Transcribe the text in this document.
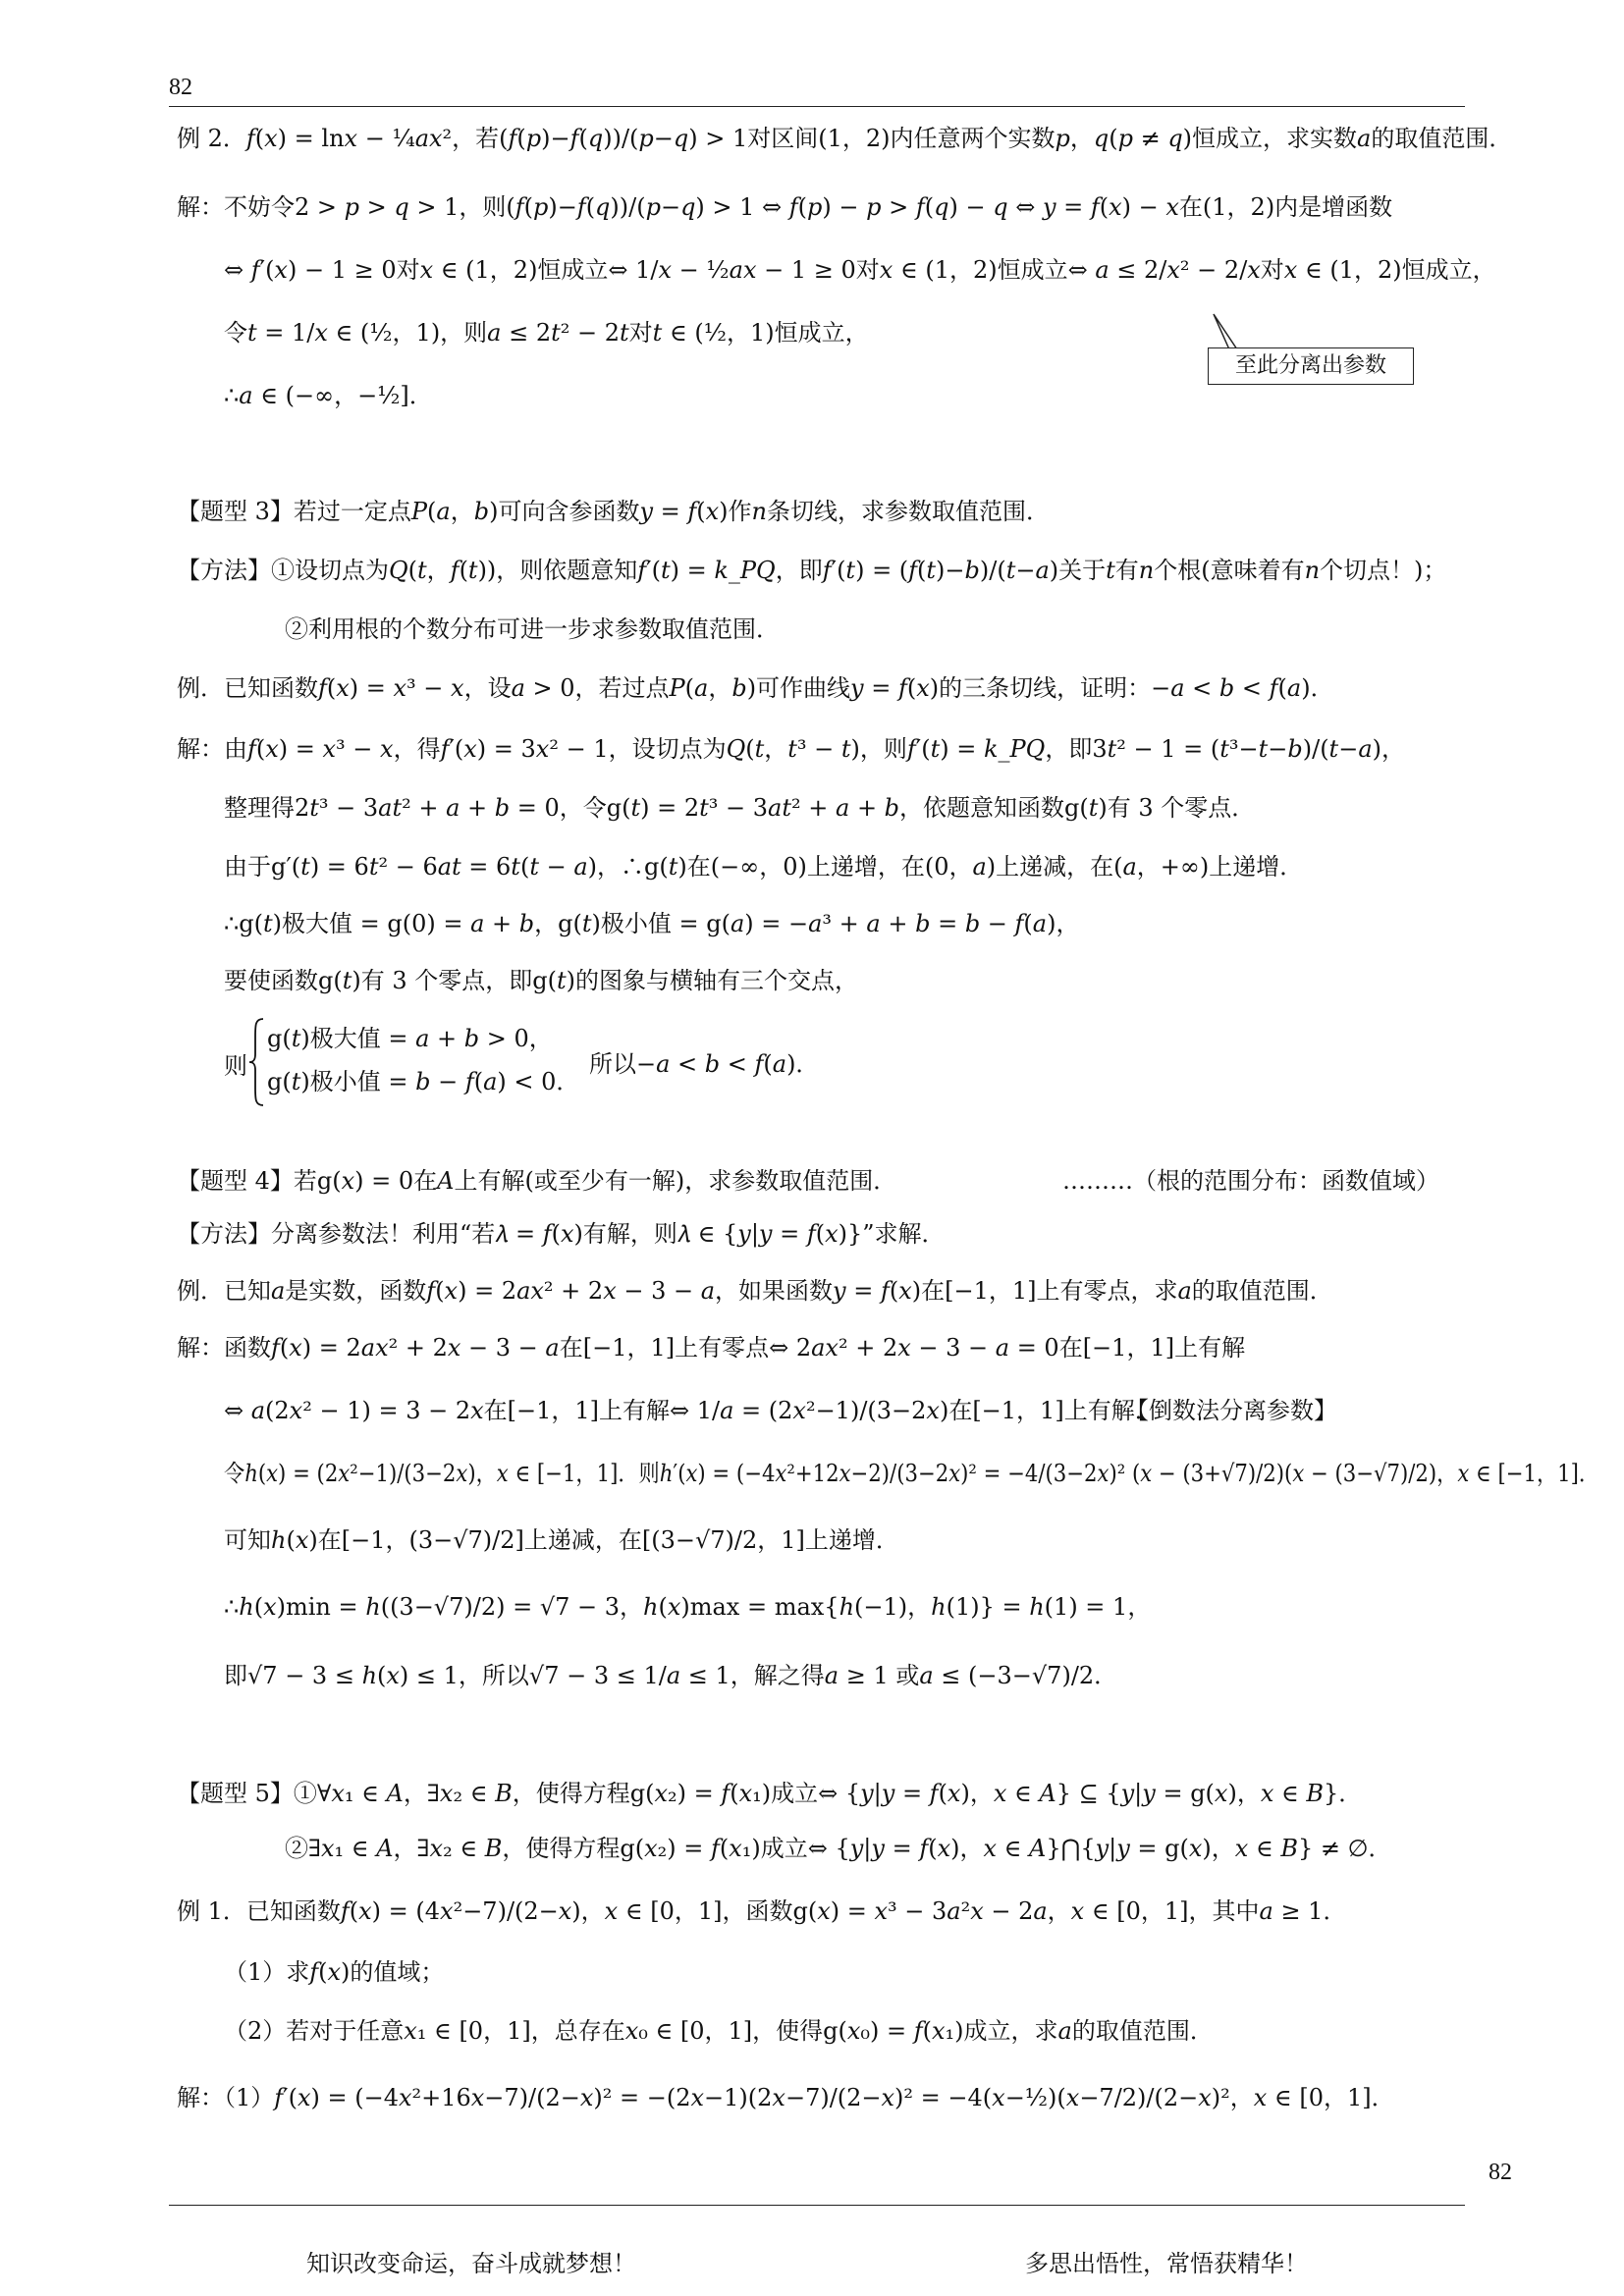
82
例 2．𝑓(𝑥) = ln𝑥 − ¼𝑎𝑥²，若(𝑓(𝑝)−𝑓(𝑞))/(𝑝−𝑞) > 1对区间(1，2)内任意两个实数𝑝，𝑞(𝑝 ≠ 𝑞)恒成立，求实数𝑎的取值范围．
解：不妨令2 > 𝑝 > 𝑞 > 1，则(𝑓(𝑝)−𝑓(𝑞))/(𝑝−𝑞) > 1 ⇔ 𝑓(𝑝) − 𝑝 > 𝑓(𝑞) − 𝑞 ⇔ 𝑦 = 𝑓(𝑥) − 𝑥在(1，2)内是增函数
⇔ 𝑓′(𝑥) − 1 ≥ 0对𝑥 ∈ (1，2)恒成立⇔ 1/𝑥 − ½𝑎𝑥 − 1 ≥ 0对𝑥 ∈ (1，2)恒成立⇔ 𝑎 ≤ 2/𝑥² − 2/𝑥对𝑥 ∈ (1，2)恒成立，
令𝑡 = 1/𝑥 ∈ (½，1)，则𝑎 ≤ 2𝑡² − 2𝑡对𝑡 ∈ (½，1)恒成立，
∴𝑎 ∈ (−∞，−½]．
至此分离出参数
【题型 3】若过一定点𝑃(𝑎，𝑏)可向含参函数𝑦 = 𝑓(𝑥)作𝑛条切线，求参数取值范围．
【方法】①设切点为𝑄(𝑡，𝑓(𝑡))，则依题意知𝑓′(𝑡) = 𝑘_𝑃𝑄，即𝑓′(𝑡) = (𝑓(𝑡)−𝑏)/(𝑡−𝑎)关于𝑡有𝑛个根(意味着有𝑛个切点！)；
②利用根的个数分布可进一步求参数取值范围．
例．已知函数𝑓(𝑥) = 𝑥³ − 𝑥，设𝑎 > 0，若过点𝑃(𝑎，𝑏)可作曲线𝑦 = 𝑓(𝑥)的三条切线，证明：−𝑎 < 𝑏 < 𝑓(𝑎)．
解：由𝑓(𝑥) = 𝑥³ − 𝑥，得𝑓′(𝑥) = 3𝑥² − 1，设切点为𝑄(𝑡，𝑡³ − 𝑡)，则𝑓′(𝑡) = 𝑘_𝑃𝑄，即3𝑡² − 1 = (𝑡³−𝑡−𝑏)/(𝑡−𝑎)，
整理得2𝑡³ − 3𝑎𝑡² + 𝑎 + 𝑏 = 0，令g(𝑡) = 2𝑡³ − 3𝑎𝑡² + 𝑎 + 𝑏，依题意知函数g(𝑡)有 3 个零点．
由于g′(𝑡) = 6𝑡² − 6𝑎𝑡 = 6𝑡(𝑡 − 𝑎)，∴g(𝑡)在(−∞，0)上递增，在(0，𝑎)上递减，在(𝑎，+∞)上递增．
∴g(𝑡)极大值 = g(0) = 𝑎 + 𝑏，g(𝑡)极小值 = g(𝑎) = −𝑎³ + 𝑎 + 𝑏 = 𝑏 − 𝑓(𝑎)，
要使函数g(𝑡)有 3 个零点，即g(𝑡)的图象与横轴有三个交点，
则
g(𝑡)极大值 = 𝑎 + 𝑏 > 0，
g(𝑡)极小值 = 𝑏 − 𝑓(𝑎) < 0．
所以−𝑎 < 𝑏 < 𝑓(𝑎)．
【题型 4】若g(𝑥) = 0在𝐴上有解(或至少有一解)，求参数取值范围．	………（根的范围分布：函数值域）
【方法】分离参数法！利用“若𝜆 = 𝑓(𝑥)有解，则𝜆 ∈ {𝑦|𝑦 = 𝑓(𝑥)}”求解．
例．已知𝑎是实数，函数𝑓(𝑥) = 2𝑎𝑥² + 2𝑥 − 3 − 𝑎，如果函数𝑦 = 𝑓(𝑥)在[−1，1]上有零点，求𝑎的取值范围．
解：函数𝑓(𝑥) = 2𝑎𝑥² + 2𝑥 − 3 − 𝑎在[−1，1]上有零点⇔ 2𝑎𝑥² + 2𝑥 − 3 − 𝑎 = 0在[−1，1]上有解
⇔ 𝑎(2𝑥² − 1) = 3 − 2𝑥在[−1，1]上有解⇔ 1/𝑎 = (2𝑥²−1)/(3−2𝑥)在[−1，1]上有解．
【倒数法分离参数】
令ℎ(𝑥) = (2𝑥²−1)/(3−2𝑥)，𝑥 ∈ [−1，1]．则ℎ′(𝑥) = (−4𝑥²+12𝑥−2)/(3−2𝑥)² = −4/(3−2𝑥)² (𝑥 − (3+√7)/2)(𝑥 − (3−√7)/2)，𝑥 ∈ [−1，1]．
可知ℎ(𝑥)在[−1，(3−√7)/2]上递减，在[(3−√7)/2，1]上递增．
∴ℎ(𝑥)min = ℎ((3−√7)/2) = √7 − 3，ℎ(𝑥)max = max{ℎ(−1)，ℎ(1)} = ℎ(1) = 1，
即√7 − 3 ≤ ℎ(𝑥) ≤ 1，所以√7 − 3 ≤ 1/𝑎 ≤ 1，解之得𝑎 ≥ 1 或𝑎 ≤ (−3−√7)/2．
【题型 5】①∀𝑥₁ ∈ 𝐴，∃𝑥₂ ∈ 𝐵，使得方程g(𝑥₂) = 𝑓(𝑥₁)成立⇔ {𝑦|𝑦 = 𝑓(𝑥)，𝑥 ∈ 𝐴} ⊆ {𝑦|𝑦 = g(𝑥)，𝑥 ∈ 𝐵}．
②∃𝑥₁ ∈ 𝐴，∃𝑥₂ ∈ 𝐵，使得方程g(𝑥₂) = 𝑓(𝑥₁)成立⇔ {𝑦|𝑦 = 𝑓(𝑥)，𝑥 ∈ 𝐴}⋂{𝑦|𝑦 = g(𝑥)，𝑥 ∈ 𝐵} ≠ ∅．
例 1．已知函数𝑓(𝑥) = (4𝑥²−7)/(2−𝑥)，𝑥 ∈ [0，1]，函数g(𝑥) = 𝑥³ − 3𝑎²𝑥 − 2𝑎，𝑥 ∈ [0，1]，其中𝑎 ≥ 1．
（1）求𝑓(𝑥)的值域；
（2）若对于任意𝑥₁ ∈ [0，1]，总存在𝑥₀ ∈ [0，1]，使得g(𝑥₀) = 𝑓(𝑥₁)成立，求𝑎的取值范围．
解：（1）𝑓′(𝑥) = (−4𝑥²+16𝑥−7)/(2−𝑥)² = −(2𝑥−1)(2𝑥−7)/(2−𝑥)² = −4(𝑥−½)(𝑥−7/2)/(2−𝑥)²，𝑥 ∈ [0，1]．
82
知识改变命运，奋斗成就梦想！	多思出悟性，常悟获精华！
